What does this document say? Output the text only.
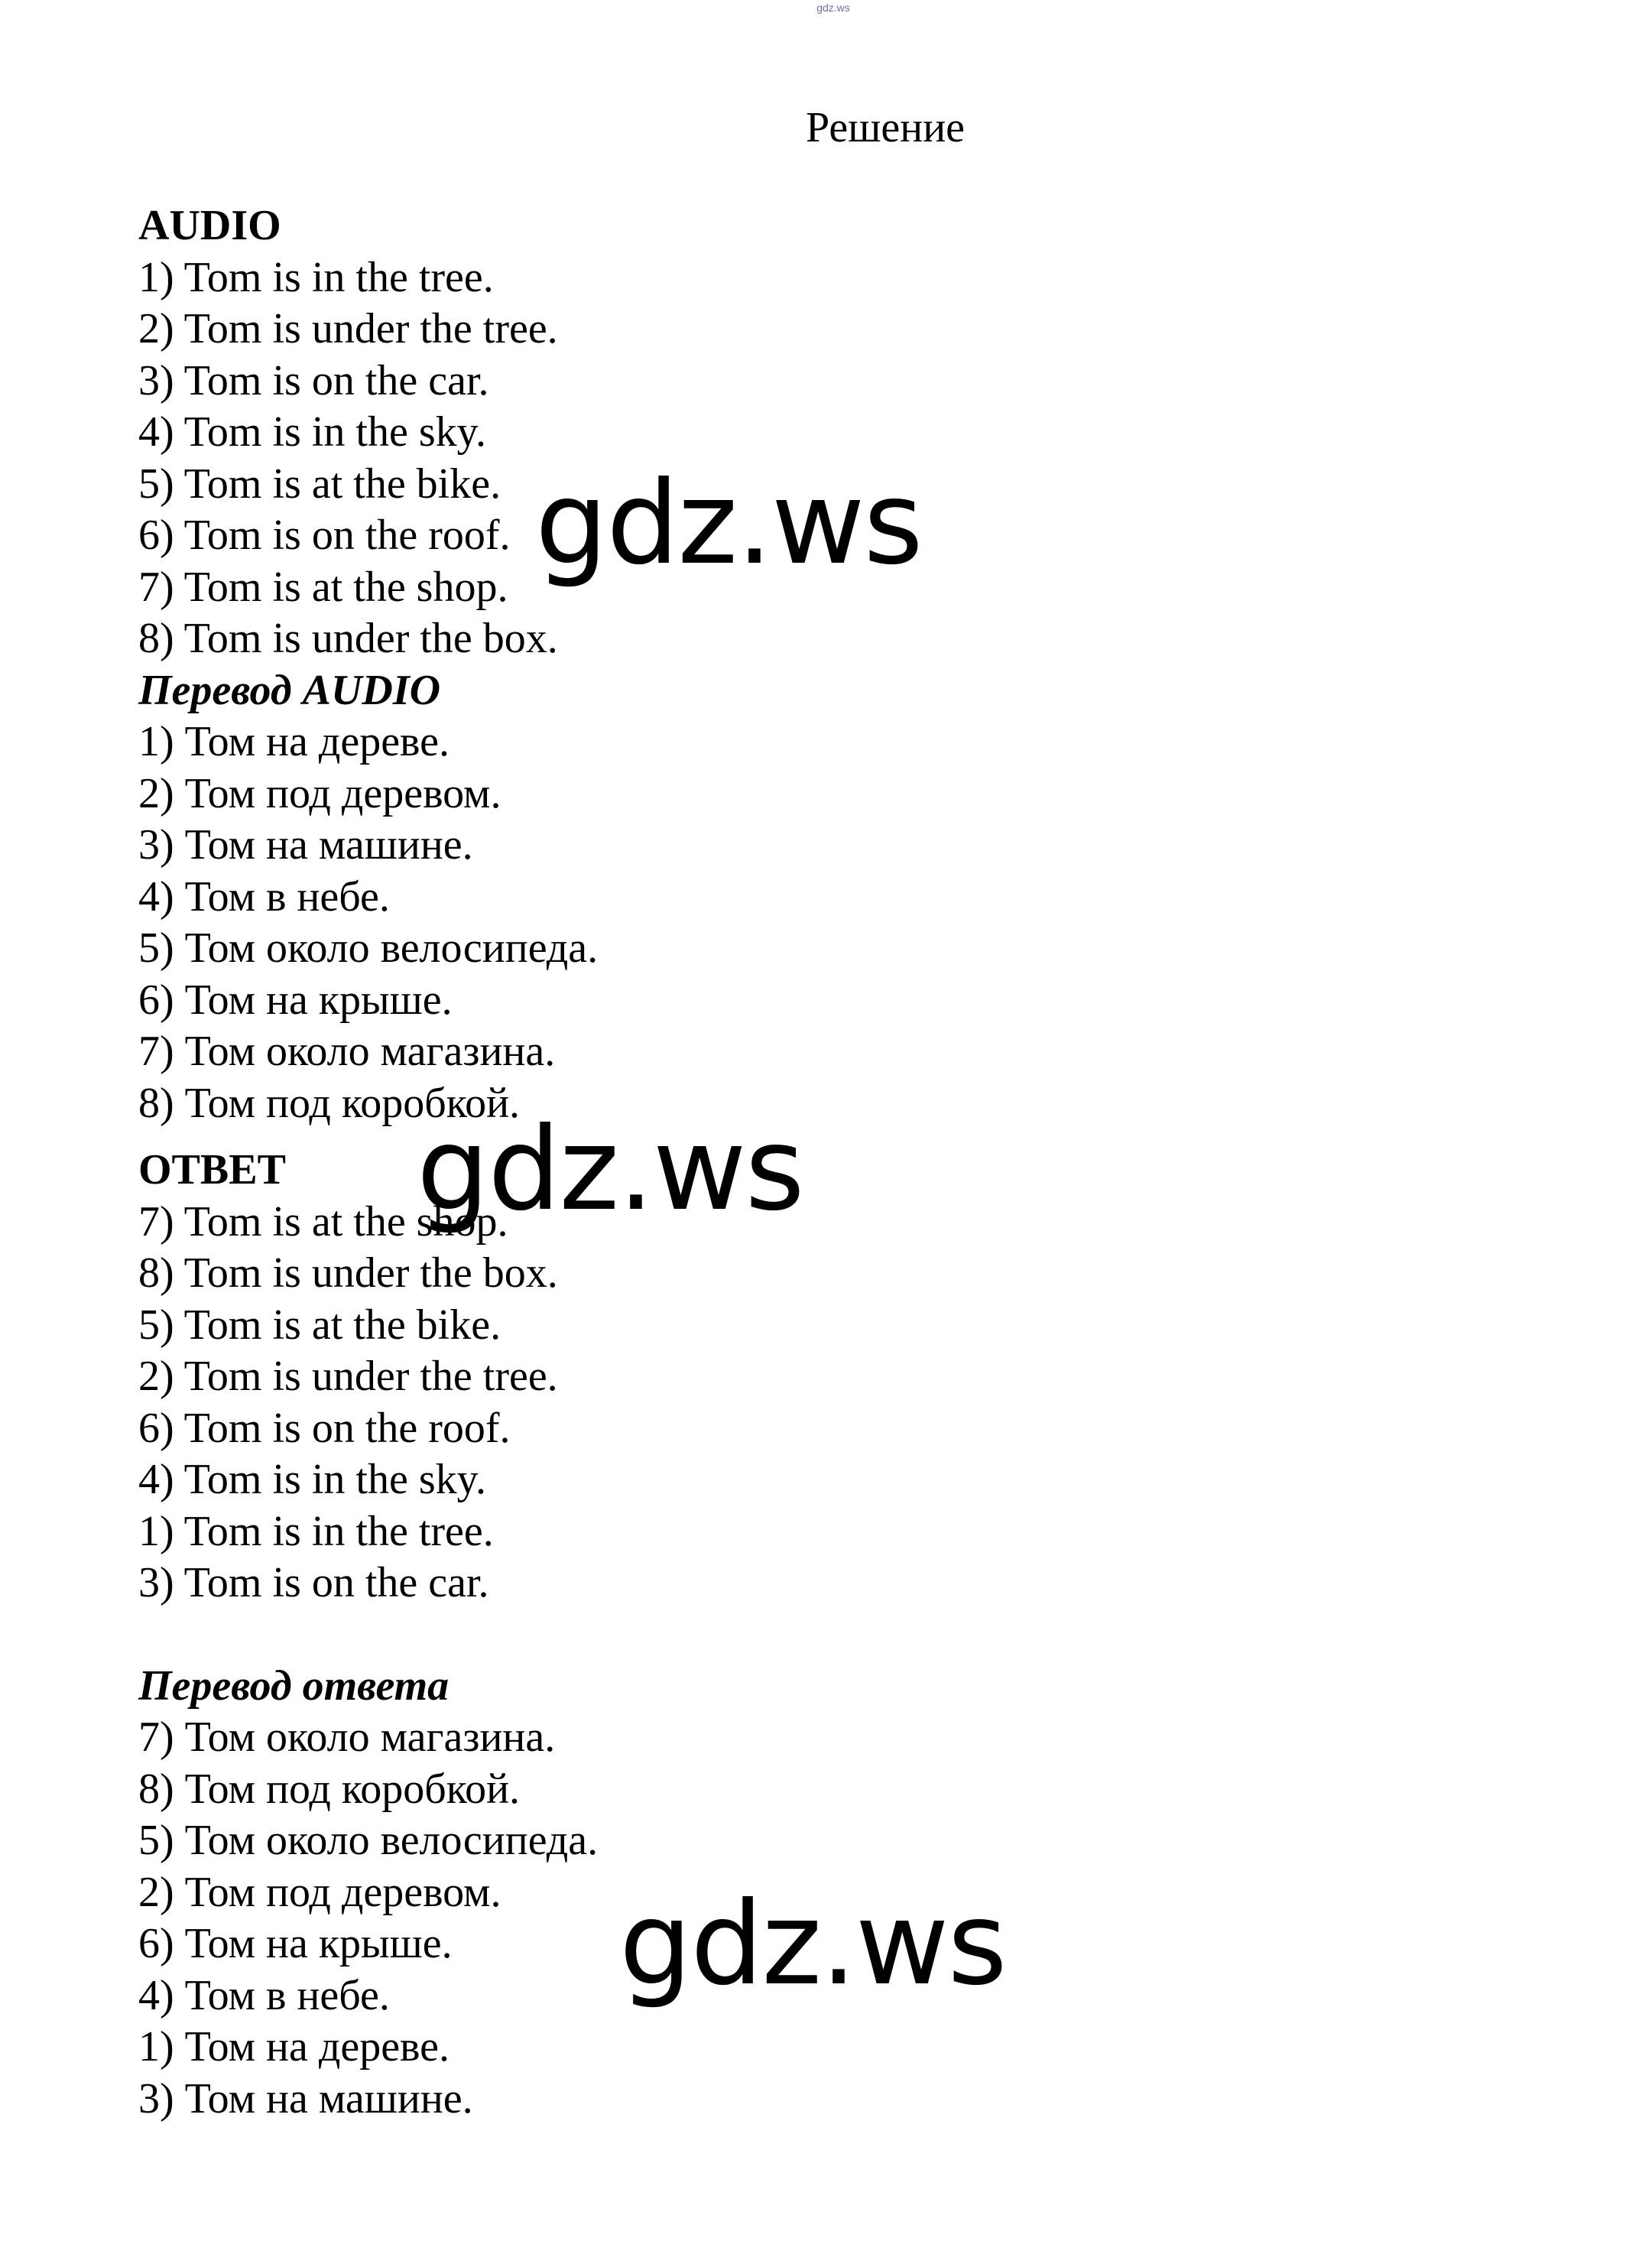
gdz.ws
Решение
AUDIO
1) Tom is in the tree.
2) Tom is under the tree.
3) Tom is on the car.
4) Tom is in the sky.
5) Tom is at the bike.
6) Tom is on the roof.
7) Tom is at the shop.
8) Tom is under the box.
Перевод AUDIO
1) Том на дереве.
2) Том под деревом.
3) Том на машине.
4) Том в небе.
5) Том около велосипеда.
6) Том на крыше.
7) Том около магазина.
8) Том под коробкой.
ОТВЕТ
7) Tom is at the shop.
8) Tom is under the box.
5) Tom is at the bike.
2) Tom is under the tree.
6) Tom is on the roof.
4) Tom is in the sky.
1) Tom is in the tree.
3) Tom is on the car.
Перевод ответа
7) Том около магазина.
8) Том под коробкой.
5) Том около велосипеда.
2) Том под деревом.
6) Том на крыше.
4) Том в небе.
1) Том на дереве.
3) Том на машине.
gdz.ws
gdz.ws
gdz.ws
